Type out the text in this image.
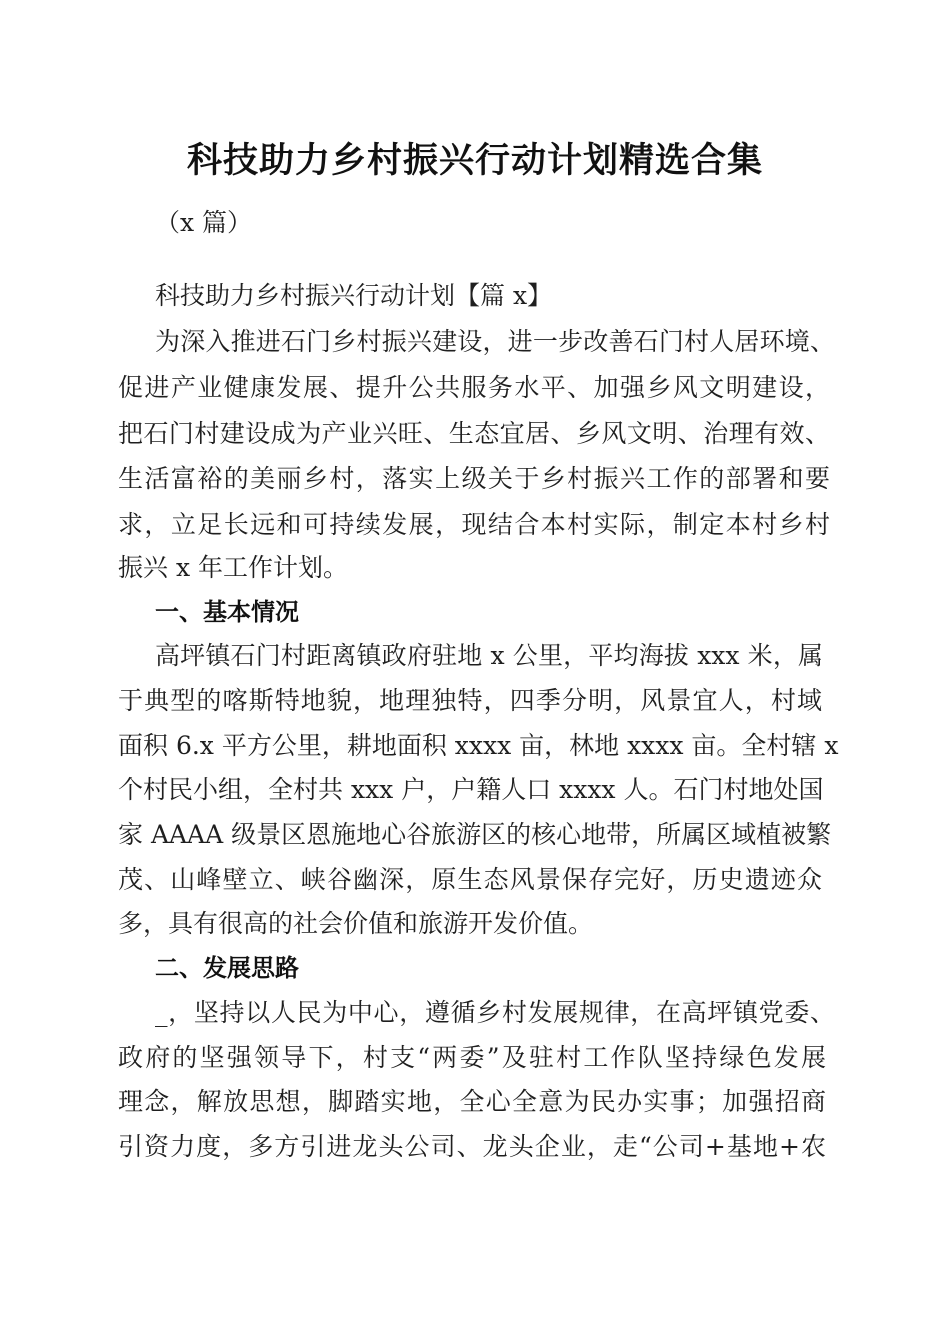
科技助力乡村振兴行动计划精选合集
（x 篇）
科技助力乡村振兴行动计划【篇 x】
为深入推进石门乡村振兴建设，进一步改善石门村人居环境、
促进产业健康发展、提升公共服务水平、加强乡风文明建设，
把石门村建设成为产业兴旺、生态宜居、乡风文明、治理有效、
生活富裕的美丽乡村，落实上级关于乡村振兴工作的部署和要
求，立足长远和可持续发展，现结合本村实际，制定本村乡村
振兴 x 年工作计划。
一、基本情况
高坪镇石门村距离镇政府驻地 x 公里，平均海拔 xxx 米，属
于典型的喀斯特地貌，地理独特，四季分明，风景宜人，村域
面积 6.x 平方公里，耕地面积 xxxx 亩，林地 xxxx 亩。全村辖 x
个村民小组，全村共 xxx 户，户籍人口 xxxx 人。石门村地处国
家 AAAA 级景区恩施地心谷旅游区的核心地带，所属区域植被繁
茂、山峰壁立、峡谷幽深，原生态风景保存完好，历史遗迹众
多，具有很高的社会价值和旅游开发价值。
二、发展思路
_，坚持以人民为中心，遵循乡村发展规律，在高坪镇党委、
政府的坚强领导下，村支“两委”及驻村工作队坚持绿色发展
理念，解放思想，脚踏实地，全心全意为民办实事；加强招商
引资力度，多方引进龙头公司、龙头企业，走“公司+基地+农
